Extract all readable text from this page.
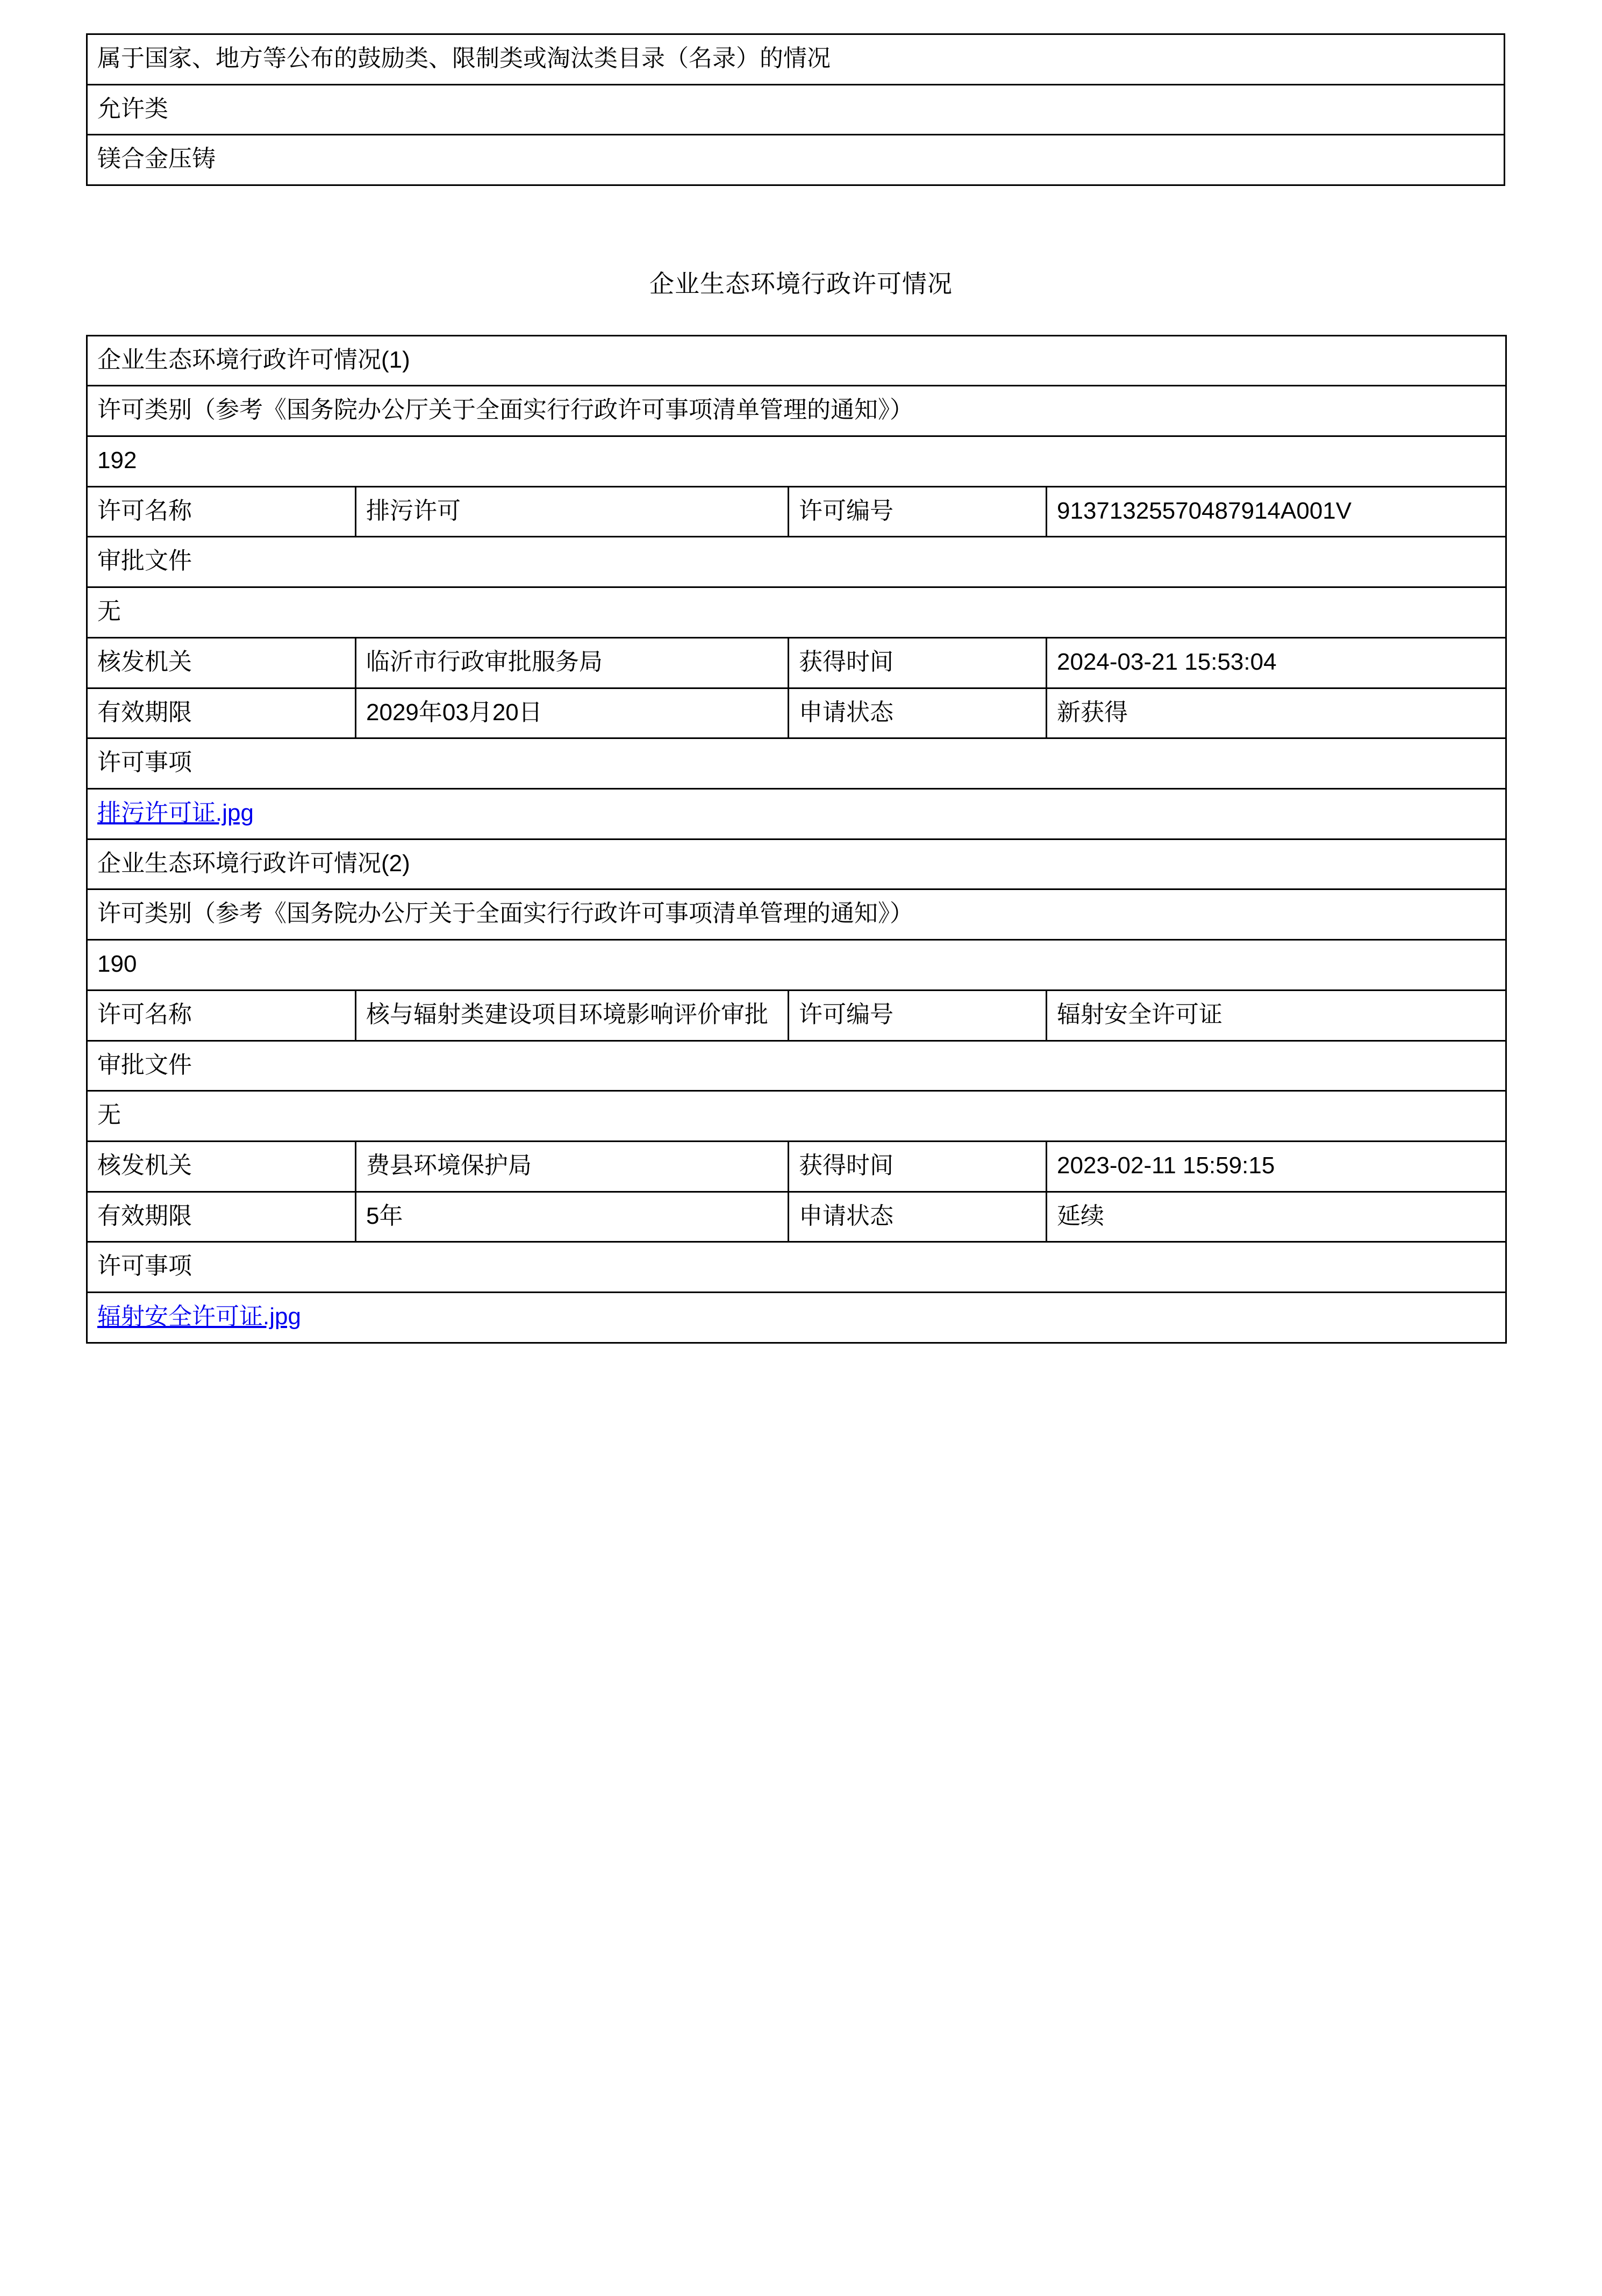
属于国家、地方等公布的鼓励类、限制类或淘汰类目录（名录）的情况
允许类
镁合金压铸
企业生态环境行政许可情况
企业生态环境行政许可情况(1)			
许可类别（参考《国务院办公厅关于全面实行行政许可事项清单管理的通知》）			
192			
许可名称	排污许可	许可编号	91371325570487914A001V
审批文件			
无			
核发机关	临沂市行政审批服务局	获得时间	2024-03-21 15:53:04
有效期限	2029年03月20日	申请状态	新获得
许可事项			
排污许可证.jpg			
企业生态环境行政许可情况(2)			
许可类别（参考《国务院办公厅关于全面实行行政许可事项清单管理的通知》）			
190			
许可名称	核与辐射类建设项目环境影响评价审批	许可编号	辐射安全许可证
审批文件			
无			
核发机关	费县环境保护局	获得时间	2023-02-11 15:59:15
有效期限	5年	申请状态	延续
许可事项			
辐射安全许可证.jpg			
